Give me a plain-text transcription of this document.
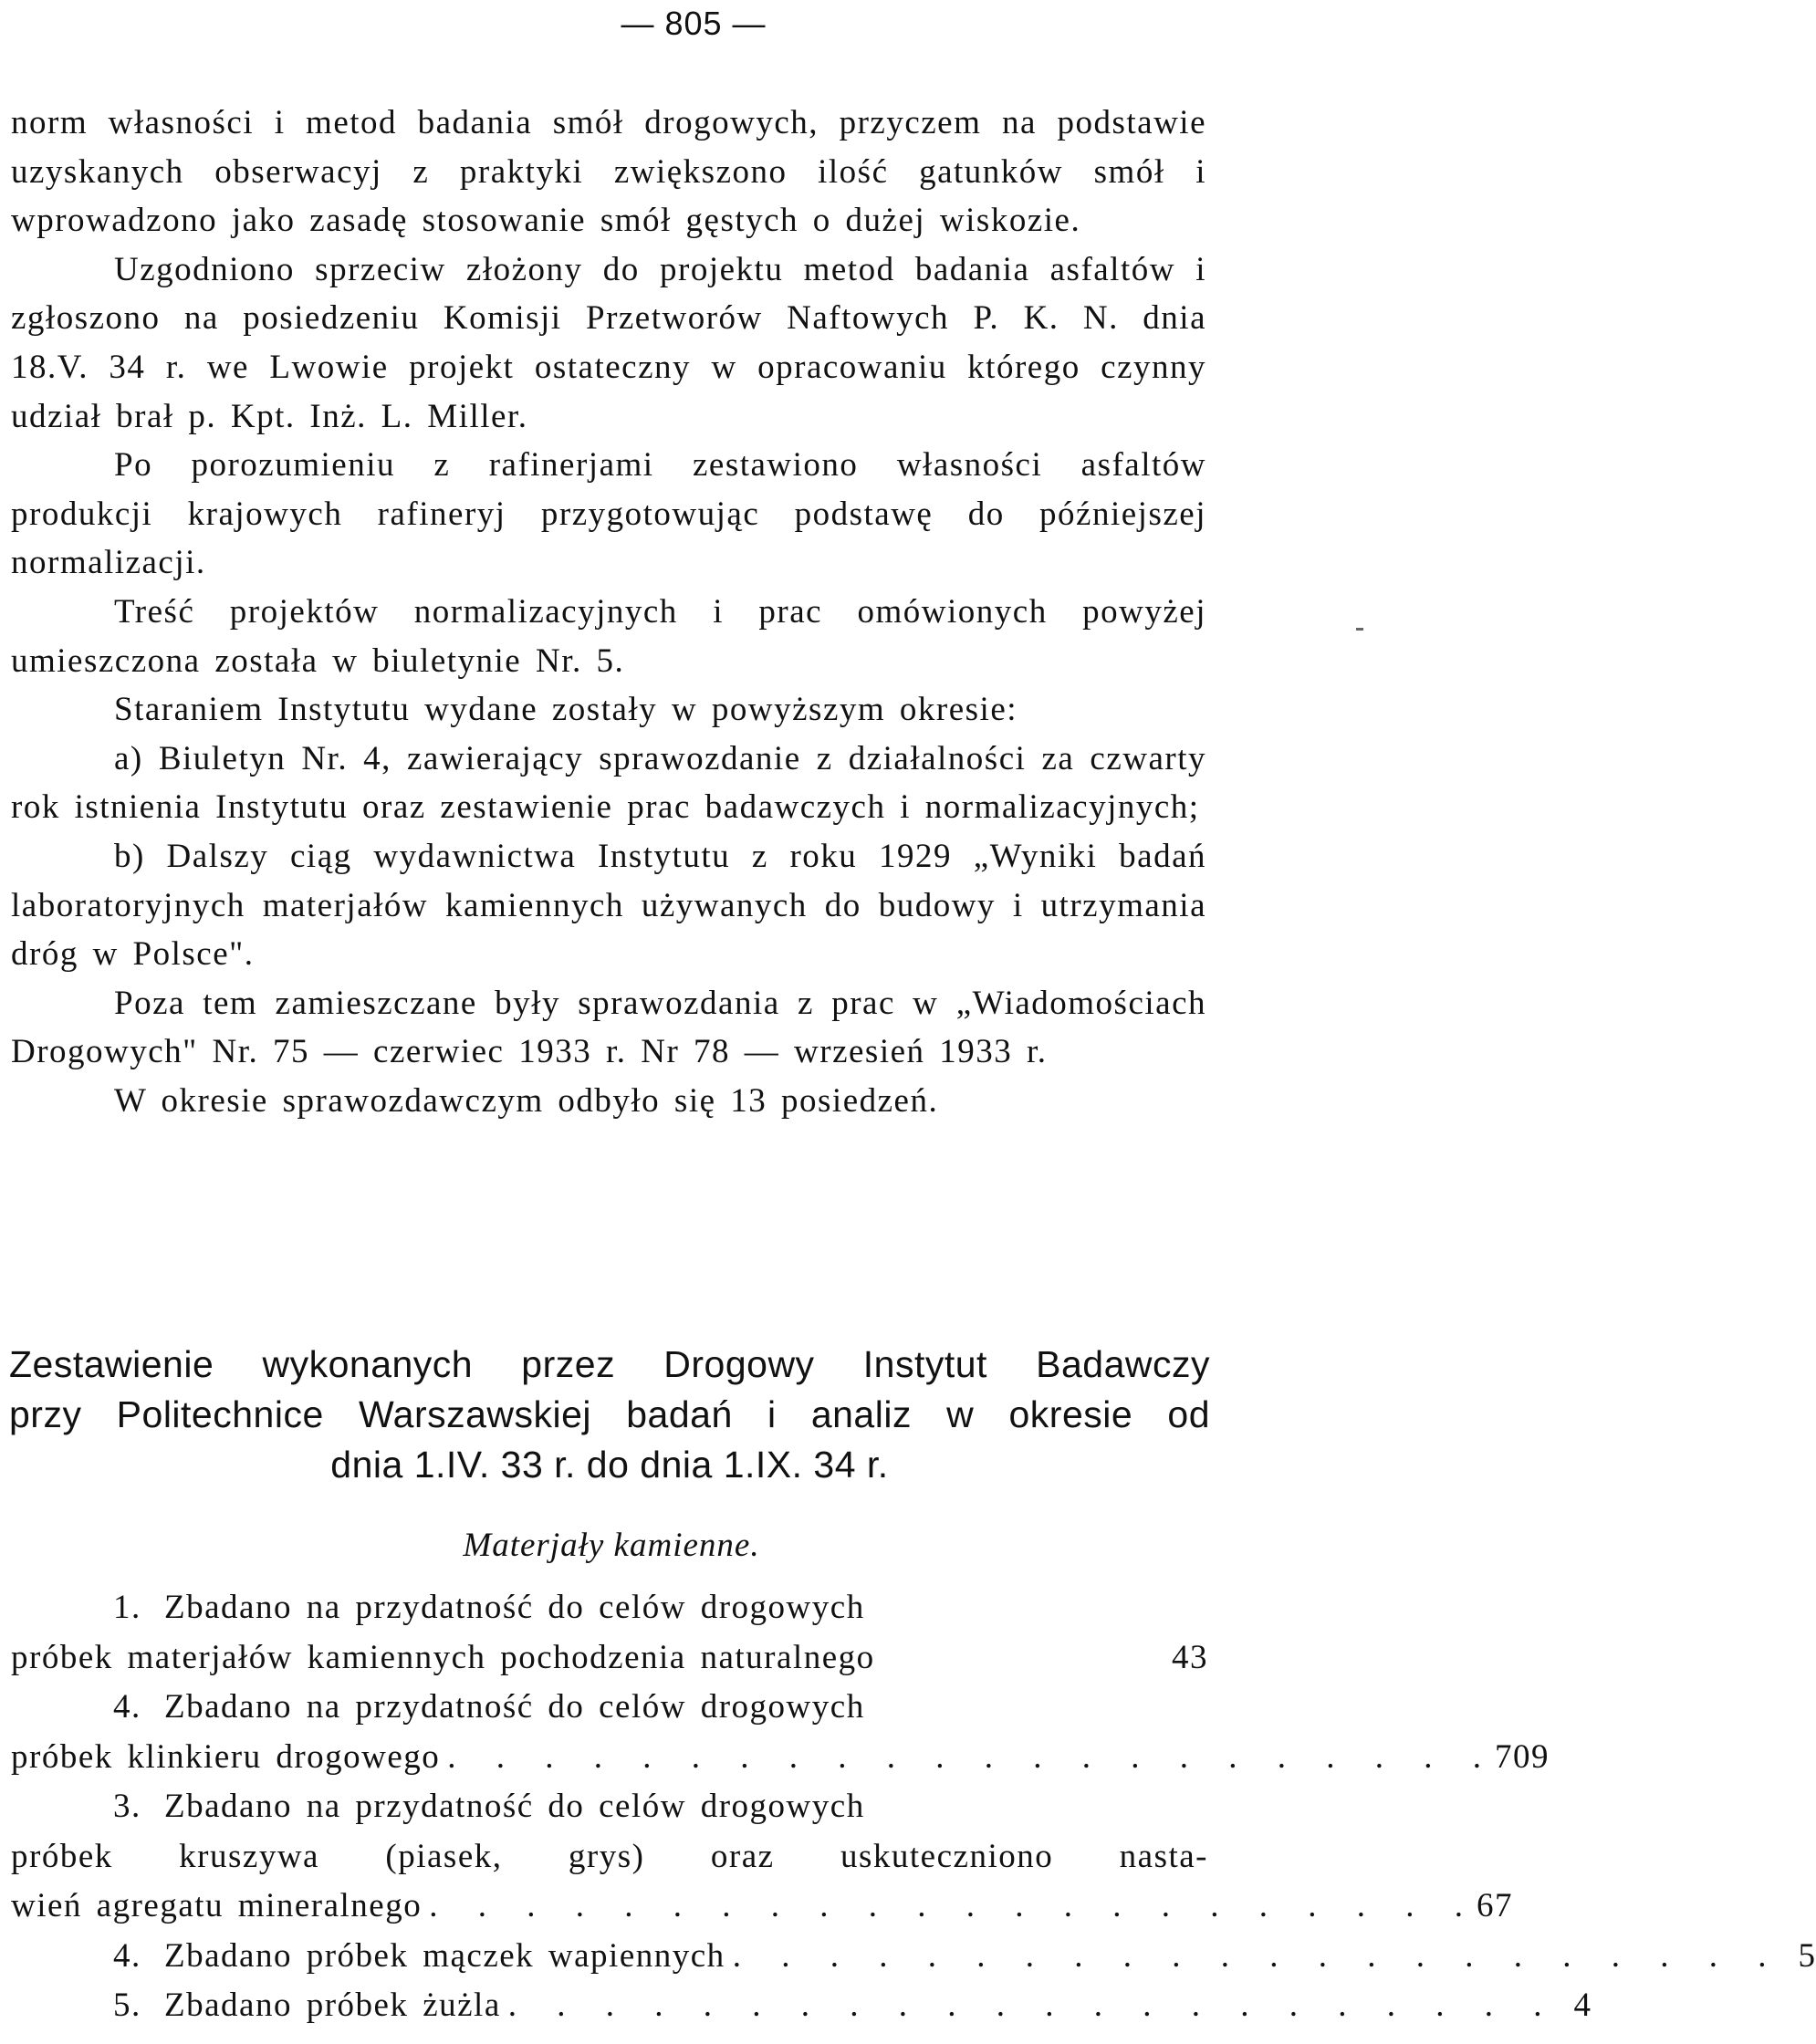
— 805 —

norm własności i metod badania smół drogowych, przyczem na podstawie uzyskanych obserwacyj z praktyki zwiększono ilość gatunków smół i wprowadzono jako zasadę stosowanie smół gęstych o dużej wiskozie.

Uzgodniono sprzeciw złożony do projektu metod badania asfaltów i zgłoszono na posiedzeniu Komisji Przetworów Naftowych P. K. N. dnia 18.V. 34 r. we Lwowie projekt ostateczny w opracowaniu którego czynny udział brał p. Kpt. Inż. L. Miller.

Po porozumieniu z rafinerjami zestawiono własności asfaltów produkcji krajowych rafineryj przygotowując podstawę do późniejszej normalizacji.

Treść projektów normalizacyjnych i prac omówionych powyżej umieszczona została w biuletynie Nr. 5.

Staraniem Instytutu wydane zostały w powyższym okresie:

a) Biuletyn Nr. 4, zawierający sprawozdanie z działalności za czwarty rok istnienia Instytutu oraz zestawienie prac badawczych i normalizacyjnych;

b) Dalszy ciąg wydawnictwa Instytutu z roku 1929 „Wyniki badań laboratoryjnych materjałów kamiennych używanych do budowy i utrzymania dróg w Polsce".

Poza tem zamieszczane były sprawozdania z prac w „Wiadomościach Drogowych" Nr. 75 — czerwiec 1933 r. Nr 78 — wrzesień 1933 r.

W okresie sprawozdawczym odbyło się 13 posiedzeń.

Zestawienie wykonanych przez Drogowy Instytut Badawczy
przy Politechnice Warszawskiej badań i analiz w okresie od
dnia 1.IV. 33 r. do dnia 1.IX. 34 r.
Materjały kamienne.
1. Zbadano na przydatność do celów drogowych
próbek materjałów kamiennych pochodzenia naturalnego	43
4. Zbadano na przydatność do celów drogowych
próbek klinkieru drogowego . . . . . . . . . . . . . . . . . . . . . . 709
3. Zbadano na przydatność do celów drogowych
próbek kruszywa (piasek, grys) oraz uskuteczniono nasta-
wień agregatu mineralnego . . . . . . . . . . . . . . . . . . . . . . 67
4. Zbadano próbek mączek wapiennych . . . . . . . . . . . . . . . . . . . . . . 5
5. Zbadano próbek żużla . . . . . . . . . . . . . . . . . . . . . . 4
